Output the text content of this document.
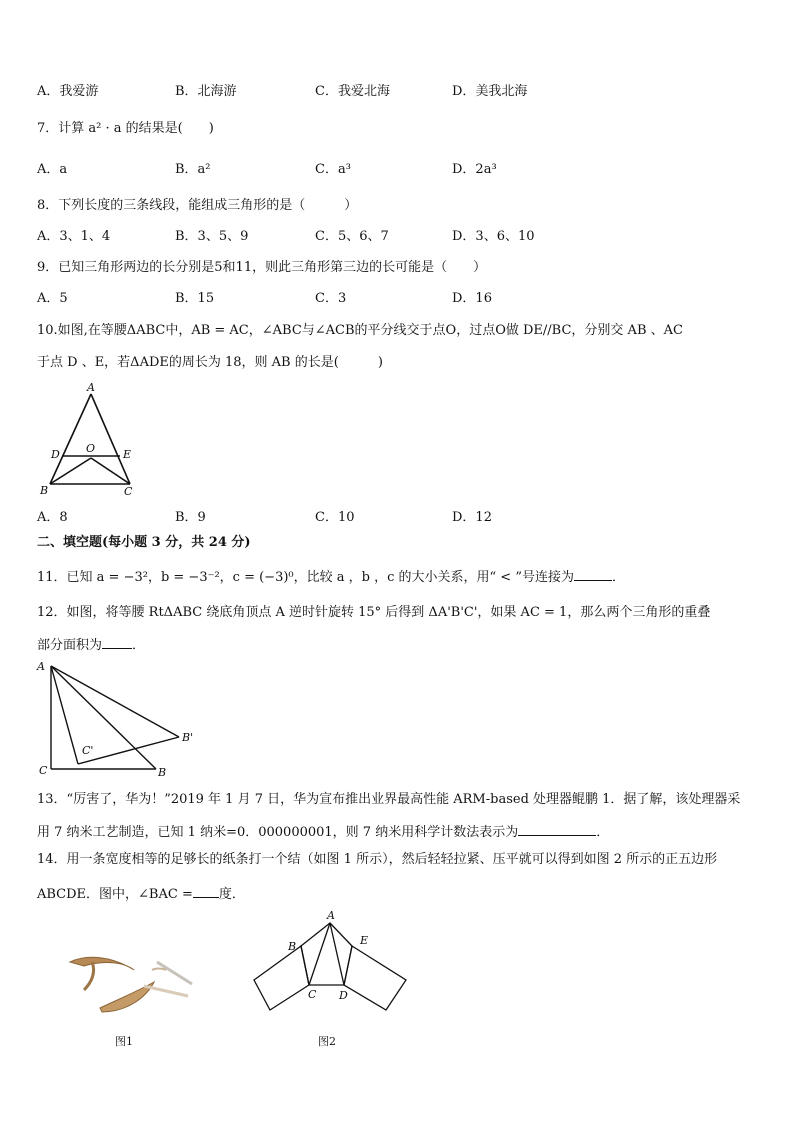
A．我爱游	B．北海游	C．我爱北海	D．美我北海
7．计算 a² · a 的结果是(　　)
A．a	B．a²	C．a³	D．2a³
8．下列长度的三条线段，能组成三角形的是（　　　）
A．3、1、4	B．3、5、9	C．5、6、7	D．3、6、10
9．已知三角形两边的长分别是5和11，则此三角形第三边的长可能是（　　）
A．5	B．15	C．3	D．16
10.如图,在等腰ΔABC中，AB = AC，∠ABC与∠ACB的平分线交于点O，过点O做 DE//BC，分别交 AB 、AC
于点 D 、E，若ΔADE的周长为 18，则 AB 的长是(　　　)
A
O
D	E
B	C
A．8	B．9	C．10	D．12
二、填空题(每小题 3 分，共 24 分)
11．已知 a = −3²，b = −3⁻²，c = (−3)⁰，比较 a ，b ，c 的大小关系，用“ < ”号连接为	．
12．如图，将等腰 RtΔABC 绕底角顶点 A 逆时针旋转 15° 后得到 ΔA'B'C'，如果 AC = 1，那么两个三角形的重叠
部分面积为 ．
A
C'
B'
C	B
13．“厉害了，华为！”2019 年 1 月 7 日，华为宣布推出业界最高性能 ARM-based 处理器鲲鹏 1．据了解，该处理器采
用 7 纳米工艺制造，已知 1 纳米=0．000000001，则 7 纳米用科学计数法表示为	．
14．用一条宽度相等的足够长的纸条打一个结（如图 1 所示），然后轻轻拉紧、压平就可以得到如图 2 所示的正五边形
ABCDE．图中，∠BAC = 度．
图1
A
B	E
C D
图2
